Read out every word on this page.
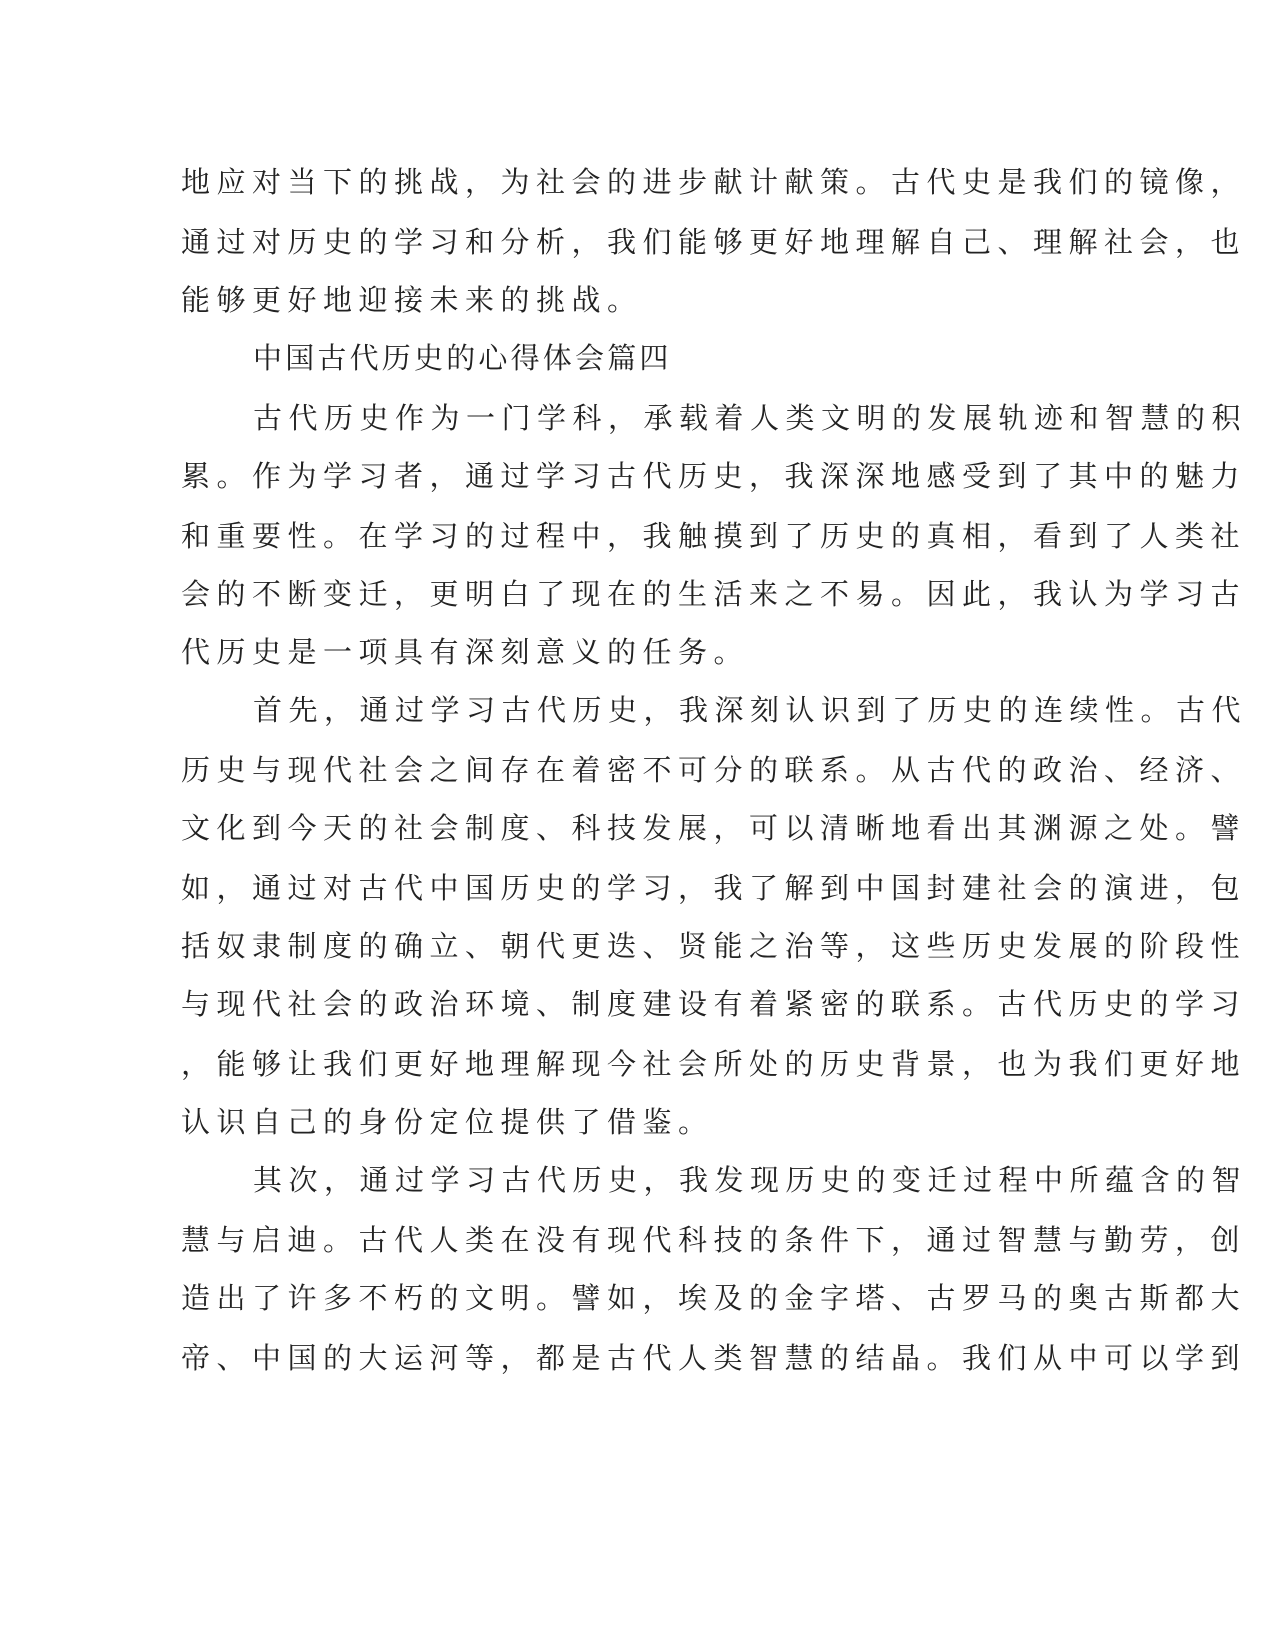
地应对当下的挑战，为社会的进步献计献策。古代史是我们的镜像，
通过对历史的学习和分析，我们能够更好地理解自己、理解社会，也
能够更好地迎接未来的挑战。
中国古代历史的心得体会篇四
古代历史作为一门学科，承载着人类文明的发展轨迹和智慧的积
累。作为学习者，通过学习古代历史，我深深地感受到了其中的魅力
和重要性。在学习的过程中，我触摸到了历史的真相，看到了人类社
会的不断变迁，更明白了现在的生活来之不易。因此，我认为学习古
代历史是一项具有深刻意义的任务。
首先，通过学习古代历史，我深刻认识到了历史的连续性。古代
历史与现代社会之间存在着密不可分的联系。从古代的政治、经济、
文化到今天的社会制度、科技发展，可以清晰地看出其渊源之处。譬
如，通过对古代中国历史的学习，我了解到中国封建社会的演进，包
括奴隶制度的确立、朝代更迭、贤能之治等，这些历史发展的阶段性
与现代社会的政治环境、制度建设有着紧密的联系。古代历史的学习
，能够让我们更好地理解现今社会所处的历史背景，也为我们更好地
认识自己的身份定位提供了借鉴。
其次，通过学习古代历史，我发现历史的变迁过程中所蕴含的智
慧与启迪。古代人类在没有现代科技的条件下，通过智慧与勤劳，创
造出了许多不朽的文明。譬如，埃及的金字塔、古罗马的奥古斯都大
帝、中国的大运河等，都是古代人类智慧的结晶。我们从中可以学到
